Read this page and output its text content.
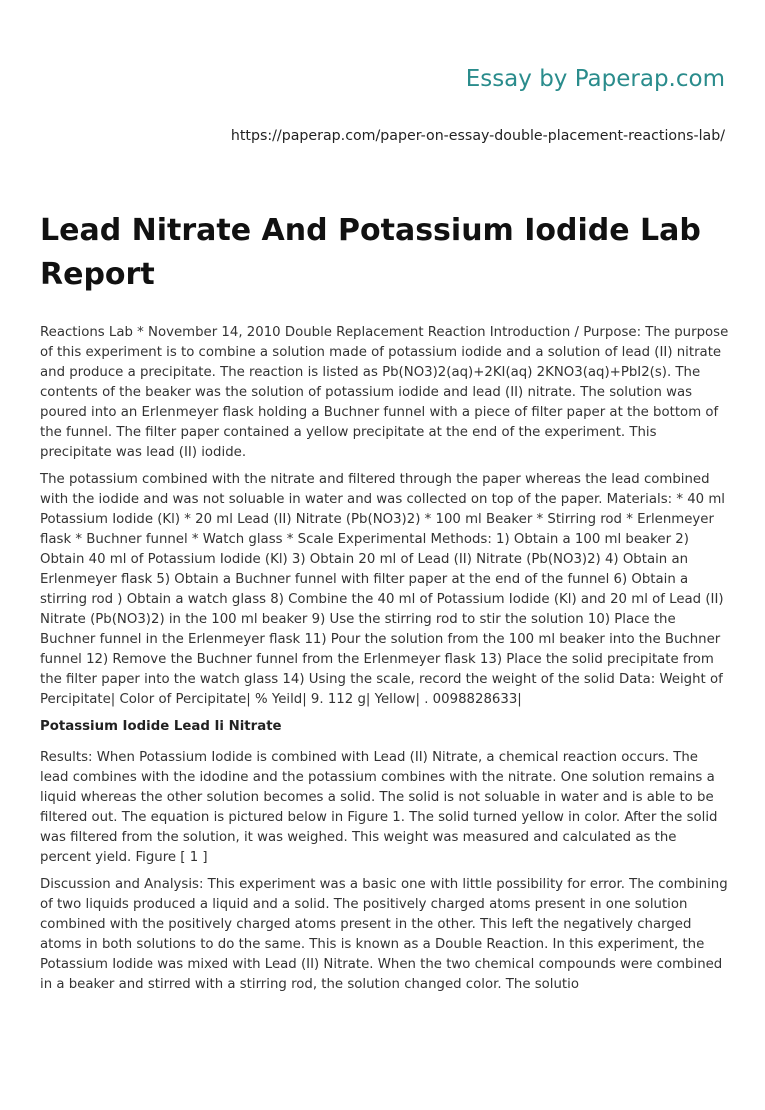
Essay by Paperap.com
https://paperap.com/paper-on-essay-double-placement-reactions-lab/
Lead Nitrate And Potassium Iodide Lab Report

Reactions Lab * November 14, 2010 Double Replacement Reaction Introduction / Purpose: The purpose of this experiment is to combine a solution made of potassium iodide and a solution of lead (II) nitrate and produce a precipitate. The reaction is listed as Pb(NO3)2(aq)+2KI(aq) 2KNO3(aq)+PbI2(s). The contents of the beaker was the solution of potassium iodide and lead (II) nitrate. The solution was poured into an Erlenmeyer flask holding a Buchner funnel with a piece of filter paper at the bottom of the funnel. The filter paper contained a yellow precipitate at the end of the experiment. This precipitate was lead (II) iodide.

The potassium combined with the nitrate and filtered through the paper whereas the lead combined with the iodide and was not soluable in water and was collected on top of the paper. Materials: * 40 ml Potassium Iodide (Kl) * 20 ml Lead (II) Nitrate (Pb(NO3)2) * 100 ml Beaker * Stirring rod * Erlenmeyer flask * Buchner funnel * Watch glass * Scale Experimental Methods: 1) Obtain a 100 ml beaker 2) Obtain 40 ml of Potassium Iodide (Kl) 3) Obtain 20 ml of Lead (II) Nitrate (Pb(NO3)2) 4) Obtain an Erlenmeyer flask 5) Obtain a Buchner funnel with filter paper at the end of the funnel 6) Obtain a stirring rod ) Obtain a watch glass 8) Combine the 40 ml of Potassium Iodide (Kl) and 20 ml of Lead (II) Nitrate (Pb(NO3)2) in the 100 ml beaker 9) Use the stirring rod to stir the solution 10) Place the Buchner funnel in the Erlenmeyer flask 11) Pour the solution from the 100 ml beaker into the Buchner funnel 12) Remove the Buchner funnel from the Erlenmeyer flask 13) Place the solid precipitate from the filter paper into the watch glass 14) Using the scale, record the weight of the solid Data: Weight of Percipitate| Color of Percipitate| % Yeild| 9. 112 g| Yellow| . 0098828633|

Potassium Iodide Lead Ii Nitrate

Results: When Potassium Iodide is combined with Lead (II) Nitrate, a chemical reaction occurs. The lead combines with the idodine and the potassium combines with the nitrate. One solution remains a liquid whereas the other solution becomes a solid. The solid is not soluable in water and is able to be filtered out. The equation is pictured below in Figure 1. The solid turned yellow in color. After the solid was filtered from the solution, it was weighed. This weight was measured and calculated as the percent yield. Figure [ 1 ]

Discussion and Analysis: This experiment was a basic one with little possibility for error. The combining of two liquids produced a liquid and a solid. The positively charged atoms present in one solution combined with the positively charged atoms present in the other. This left the negatively charged atoms in both solutions to do the same. This is known as a Double Reaction. In this experiment, the Potassium Iodide was mixed with Lead (II) Nitrate. When the two chemical compounds were combined in a beaker and stirred with a stirring rod, the solution changed color. The solutio
